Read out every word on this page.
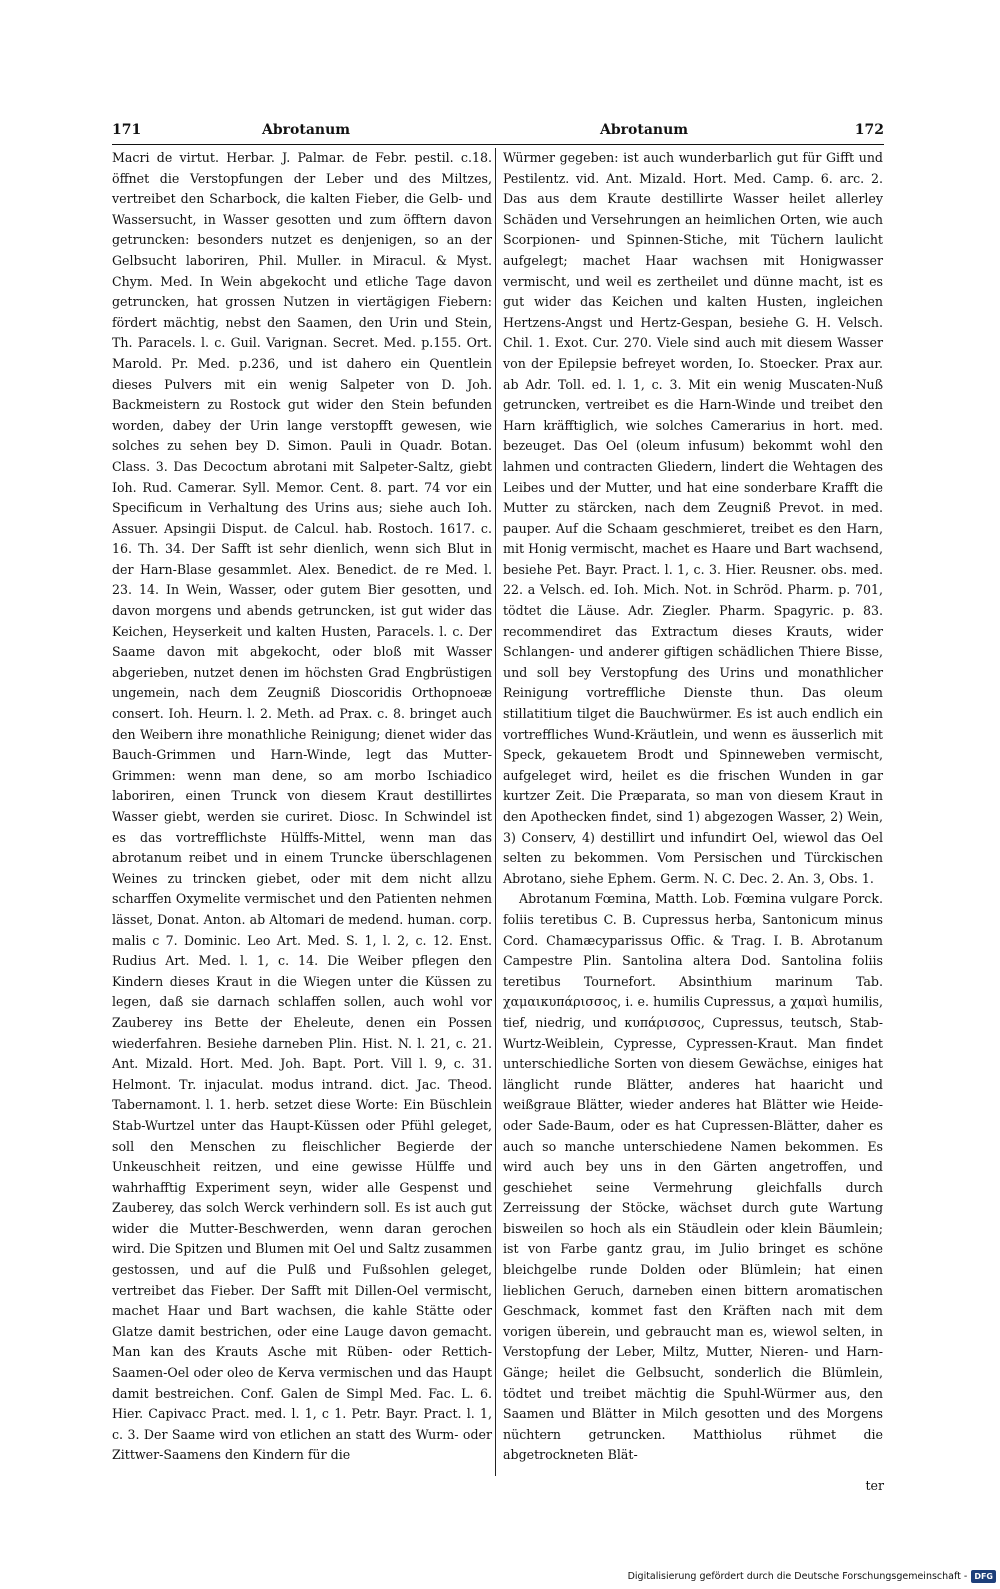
171	Abrotanum	Abrotanum	172

Macri de virtut. Herbar. J. Palmar. de Febr. pestil. c.18. öffnet die Verstopfungen der Leber und des Miltzes, vertreibet den Scharbock, die kalten Fieber, die Gelb- und Wassersucht, in Wasser gesotten und zum öfftern davon getruncken: besonders nutzet es denjenigen, so an der Gelbsucht laboriren, Phil. Muller. in Miracul. & Myst. Chym. Med. In Wein abgekocht und etliche Tage davon getruncken, hat grossen Nutzen in viertägigen Fiebern: fördert mächtig, nebst den Saamen, den Urin und Stein, Th. Paracels. l. c. Guil. Varignan. Secret. Med. p.155. Ort. Marold. Pr. Med. p.236, und ist dahero ein Quentlein dieses Pulvers mit ein wenig Salpeter von D. Joh. Backmeistern zu Rostock gut wider den Stein befunden worden, dabey der Urin lange verstopfft gewesen, wie solches zu sehen bey D. Simon. Pauli in Quadr. Botan. Class. 3. Das Decoctum abrotani mit Salpeter-Saltz, giebt Ioh. Rud. Camerar. Syll. Memor. Cent. 8. part. 74 vor ein Specificum in Verhaltung des Urins aus; siehe auch Ioh. Assuer. Apsingii Disput. de Calcul. hab. Rostoch. 1617. c. 16. Th. 34. Der Safft ist sehr dienlich, wenn sich Blut in der Harn-Blase gesammlet. Alex. Benedict. de re Med. l. 23. 14. In Wein, Wasser, oder gutem Bier gesotten, und davon morgens und abends getruncken, ist gut wider das Keichen, Heyserkeit und kalten Husten, Paracels. l. c. Der Saame davon mit abgekocht, oder bloß mit Wasser abgerieben, nutzet denen im höchsten Grad Engbrüstigen ungemein, nach dem Zeugniß Dioscoridis Orthopnoeæ consert. Ioh. Heurn. l. 2. Meth. ad Prax. c. 8. bringet auch den Weibern ihre monathliche Reinigung; dienet wider das Bauch-Grimmen und Harn-Winde, legt das Mutter-Grimmen: wenn man dene, so am morbo Ischiadico laboriren, einen Trunck von diesem Kraut destillirtes Wasser giebt, werden sie curiret. Diosc. In Schwindel ist es das vortrefflichste Hülffs-Mittel, wenn man das abrotanum reibet und in einem Truncke überschlagenen Weines zu trincken giebet, oder mit dem nicht allzu scharffen Oxymelite vermischet und den Patienten nehmen lässet, Donat. Anton. ab Altomari de medend. human. corp. malis c 7. Dominic. Leo Art. Med. S. 1, l. 2, c. 12. Enst. Rudius Art. Med. l. 1, c. 14. Die Weiber pflegen den Kindern dieses Kraut in die Wiegen unter die Küssen zu legen, daß sie darnach schlaffen sollen, auch wohl vor Zauberey ins Bette der Eheleute, denen ein Possen wiederfahren. Besiehe darneben Plin. Hist. N. l. 21, c. 21. Ant. Mizald. Hort. Med. Joh. Bapt. Port. Vill l. 9, c. 31. Helmont. Tr. injaculat. modus intrand. dict. Jac. Theod. Tabernamont. l. 1. herb. setzet diese Worte: Ein Büschlein Stab-Wurtzel unter das Haupt-Küssen oder Pfühl geleget, soll den Menschen zu fleischlicher Begierde der Unkeuschheit reitzen, und eine gewisse Hülffe und wahrhafftig Experiment seyn, wider alle Gespenst und Zauberey, das solch Werck verhindern soll. Es ist auch gut wider die Mutter-Beschwerden, wenn daran gerochen wird. Die Spitzen und Blumen mit Oel und Saltz zusammen gestossen, und auf die Pulß und Fußsohlen geleget, vertreibet das Fieber. Der Safft mit Dillen-Oel vermischt, machet Haar und Bart wachsen, die kahle Stätte oder Glatze damit bestrichen, oder eine Lauge davon gemacht. Man kan des Krauts Asche mit Rüben- oder Rettich-Saamen-Oel oder oleo de Kerva vermischen und das Haupt damit bestreichen. Conf. Galen de Simpl Med. Fac. L. 6. Hier. Capivacc Pract. med. l. 1, c 1. Petr. Bayr. Pract. l. 1, c. 3. Der Saame wird von etlichen an statt des Wurm- oder Zittwer-Saamens den Kindern für die

Würmer gegeben: ist auch wunderbarlich gut für Gifft und Pestilentz. vid. Ant. Mizald. Hort. Med. Camp. 6. arc. 2. Das aus dem Kraute destillirte Wasser heilet allerley Schäden und Versehrungen an heimlichen Orten, wie auch Scorpionen- und Spinnen-Stiche, mit Tüchern laulicht aufgelegt; machet Haar wachsen mit Honigwasser vermischt, und weil es zertheilet und dünne macht, ist es gut wider das Keichen und kalten Husten, ingleichen Hertzens-Angst und Hertz-Gespan, besiehe G. H. Velsch. Chil. 1. Exot. Cur. 270. Viele sind auch mit diesem Wasser von der Epilepsie befreyet worden, Io. Stoecker. Prax aur. ab Adr. Toll. ed. l. 1, c. 3. Mit ein wenig Muscaten-Nuß getruncken, vertreibet es die Harn-Winde und treibet den Harn kräfftiglich, wie solches Camerarius in hort. med. bezeuget. Das Oel (oleum infusum) bekommt wohl den lahmen und contracten Gliedern, lindert die Wehtagen des Leibes und der Mutter, und hat eine sonderbare Krafft die Mutter zu stärcken, nach dem Zeugniß Prevot. in med. pauper. Auf die Schaam geschmieret, treibet es den Harn, mit Honig vermischt, machet es Haare und Bart wachsend, besiehe Pet. Bayr. Pract. l. 1, c. 3. Hier. Reusner. obs. med. 22. a Velsch. ed. Ioh. Mich. Not. in Schröd. Pharm. p. 701, tödtet die Läuse. Adr. Ziegler. Pharm. Spagyric. p. 83. recommendiret das Extractum dieses Krauts, wider Schlangen- und anderer giftigen schädlichen Thiere Bisse, und soll bey Verstopfung des Urins und monathlicher Reinigung vortreffliche Dienste thun. Das oleum stillatitium tilget die Bauchwürmer. Es ist auch endlich ein vortreffliches Wund-Kräutlein, und wenn es äusserlich mit Speck, gekauetem Brodt und Spinneweben vermischt, aufgeleget wird, heilet es die frischen Wunden in gar kurtzer Zeit. Die Præparata, so man von diesem Kraut in den Apothecken findet, sind 1) abgezogen Wasser, 2) Wein, 3) Conserv, 4) destillirt und infundirt Oel, wiewol das Oel selten zu bekommen. Vom Persischen und Türckischen Abrotano, siehe Ephem. Germ. N. C. Dec. 2. An. 3, Obs. 1.

Abrotanum Fœmina, Matth. Lob. Fœmina vulgare Porck. foliis teretibus C. B. Cupressus herba, Santonicum minus Cord. Chamæcyparissus Offic. & Trag. I. B. Abrotanum Campestre Plin. Santolina altera Dod. Santolina foliis teretibus Tournefort. Absinthium marinum Tab. χαμαικυπάρισσος, i. e. humilis Cupressus, a χαμαὶ humilis, tief, niedrig, und κυπάρισσος, Cupressus, teutsch, Stab-Wurtz-Weiblein, Cypresse, Cypressen-Kraut. Man findet unterschiedliche Sorten von diesem Gewächse, einiges hat länglicht runde Blätter, anderes hat haaricht und weißgraue Blätter, wieder anderes hat Blätter wie Heide- oder Sade-Baum, oder es hat Cupressen-Blätter, daher es auch so manche unterschiedene Namen bekommen. Es wird auch bey uns in den Gärten angetroffen, und geschiehet seine Vermehrung gleichfalls durch Zerreissung der Stöcke, wächset durch gute Wartung bisweilen so hoch als ein Stäudlein oder klein Bäumlein; ist von Farbe gantz grau, im Julio bringet es schöne bleichgelbe runde Dolden oder Blümlein; hat einen lieblichen Geruch, darneben einen bittern aromatischen Geschmack, kommet fast den Kräften nach mit dem vorigen überein, und gebraucht man es, wiewol selten, in Verstopfung der Leber, Miltz, Mutter, Nieren- und Harn-Gänge; heilet die Gelbsucht, sonderlich die Blümlein, tödtet und treibet mächtig die Spuhl-Würmer aus, den Saamen und Blätter in Milch gesotten und des Morgens nüchtern getruncken. Matthiolus rühmet die abgetrockneten Blät-

ter
Digitalisierung gefördert durch die Deutsche Forschungsgemeinschaft - DFG
